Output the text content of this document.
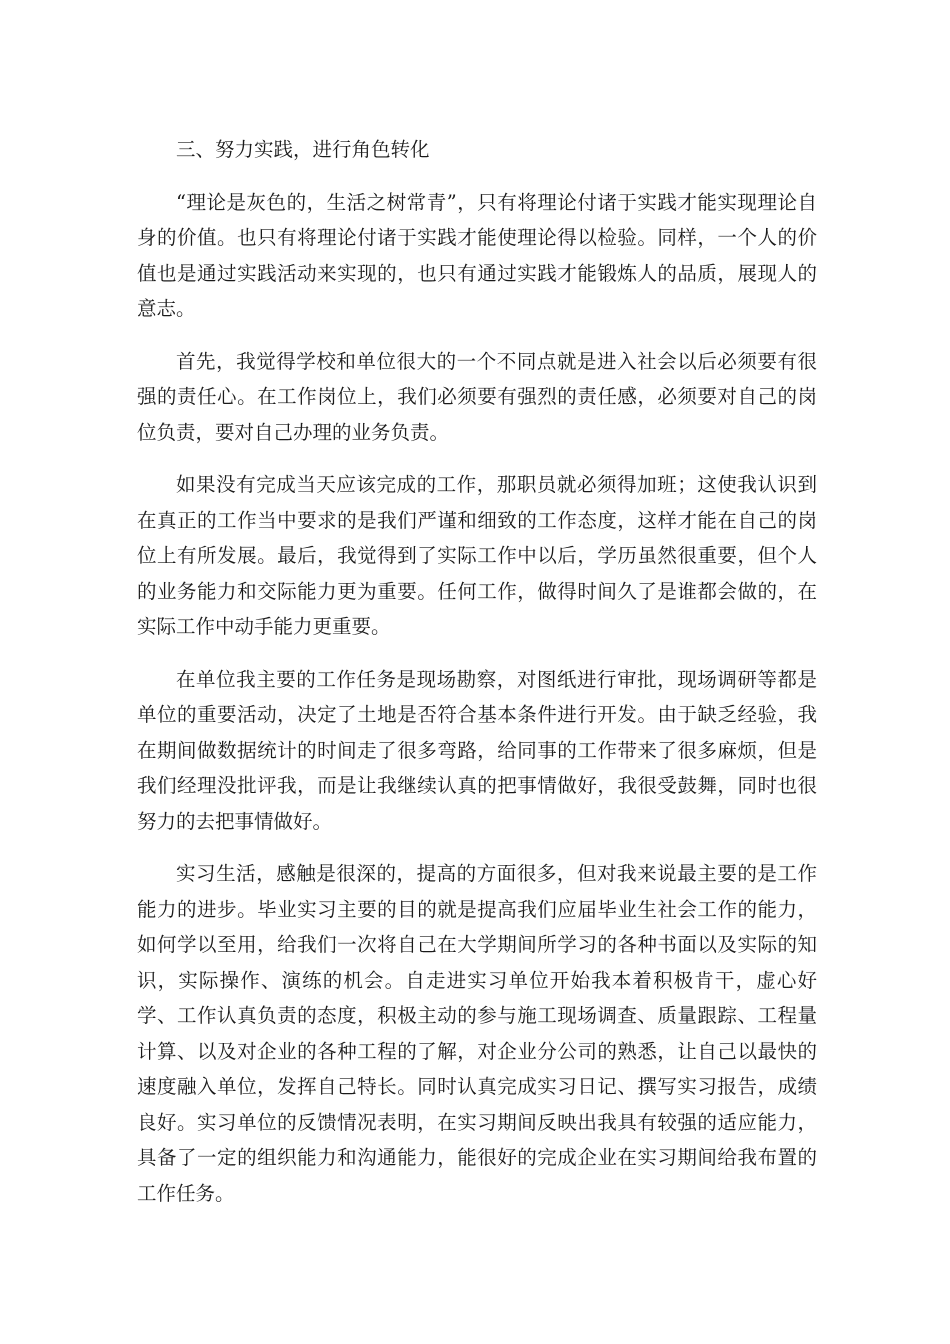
三、努力实践，进行角色转化

“理论是灰色的，生活之树常青”，只有将理论付诸于实践才能实现理论自身的价值。也只有将理论付诸于实践才能使理论得以检验。同样，一个人的价值也是通过实践活动来实现的，也只有通过实践才能锻炼人的品质，展现人的意志。

首先，我觉得学校和单位很大的一个不同点就是进入社会以后必须要有很强的责任心。在工作岗位上，我们必须要有强烈的责任感，必须要对自己的岗位负责，要对自己办理的业务负责。

如果没有完成当天应该完成的工作，那职员就必须得加班；这使我认识到在真正的工作当中要求的是我们严谨和细致的工作态度，这样才能在自己的岗位上有所发展。最后，我觉得到了实际工作中以后，学历虽然很重要，但个人的业务能力和交际能力更为重要。任何工作，做得时间久了是谁都会做的，在实际工作中动手能力更重要。

在单位我主要的工作任务是现场勘察，对图纸进行审批，现场调研等都是单位的重要活动，决定了土地是否符合基本条件进行开发。由于缺乏经验，我在期间做数据统计的时间走了很多弯路，给同事的工作带来了很多麻烦，但是我们经理没批评我，而是让我继续认真的把事情做好，我很受鼓舞，同时也很努力的去把事情做好。

实习生活，感触是很深的，提高的方面很多，但对我来说最主要的是工作能力的进步。毕业实习主要的目的就是提高我们应届毕业生社会工作的能力，如何学以至用，给我们一次将自己在大学期间所学习的各种书面以及实际的知识，实际操作、演练的机会。自走进实习单位开始我本着积极肯干，虚心好学、工作认真负责的态度，积极主动的参与施工现场调查、质量跟踪、工程量计算、以及对企业的各种工程的了解，对企业分公司的熟悉，让自己以最快的速度融入单位，发挥自己特长。同时认真完成实习日记、撰写实习报告，成绩良好。实习单位的反馈情况表明，在实习期间反映出我具有较强的适应能力，具备了一定的组织能力和沟通能力，能很好的完成企业在实习期间给我布置的工作任务。
